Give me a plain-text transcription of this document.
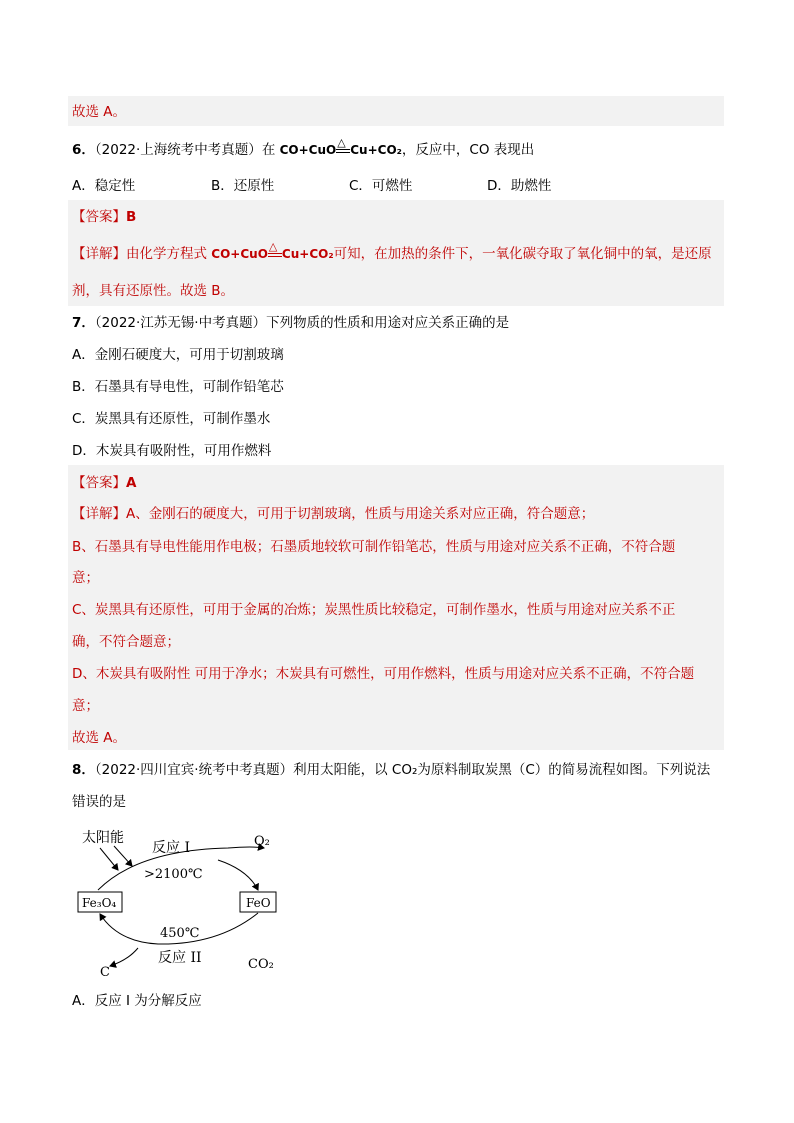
故选 A。
6．（2022·上海统考中考真题）在 CO+CuO
△
Cu+CO₂，反应中，CO 表现出
A．稳定性	B．还原性	C．可燃性	D．助燃性
【答案】B
【详解】由化学方程式 CO+CuO
△
Cu+CO₂可知，在加热的条件下，一氧化碳夺取了氧化铜中的氧，是还原
剂，具有还原性。故选 B。
7．（2022·江苏无锡·中考真题）下列物质的性质和用途对应关系正确的是
A．金刚石硬度大，可用于切割玻璃
B．石墨具有导电性，可制作铅笔芯
C．炭黑具有还原性，可制作墨水
D．木炭具有吸附性，可用作燃料
【答案】A
【详解】A、金刚石的硬度大，可用于切割玻璃，性质与用途关系对应正确，符合题意；
B、石墨具有导电性能用作电极；石墨质地较软可制作铅笔芯，性质与用途对应关系不正确，不符合题
意；
C、炭黑具有还原性，可用于金属的冶炼；炭黑性质比较稳定，可制作墨水，性质与用途对应关系不正
确，不符合题意；
D、木炭具有吸附性 可用于净水；木炭具有可燃性，可用作燃料，性质与用途对应关系不正确，不符合题
意；
故选 A。
8．（2022·四川宜宾·统考中考真题）利用太阳能，以 CO₂为原料制取炭黑（C）的简易流程如图。下列说法
错误的是
太阳能
反应 I	O₂
>2100℃
Fe₃O₄	FeO
450℃
反应 II
C
CO₂
A．反应 I 为分解反应
